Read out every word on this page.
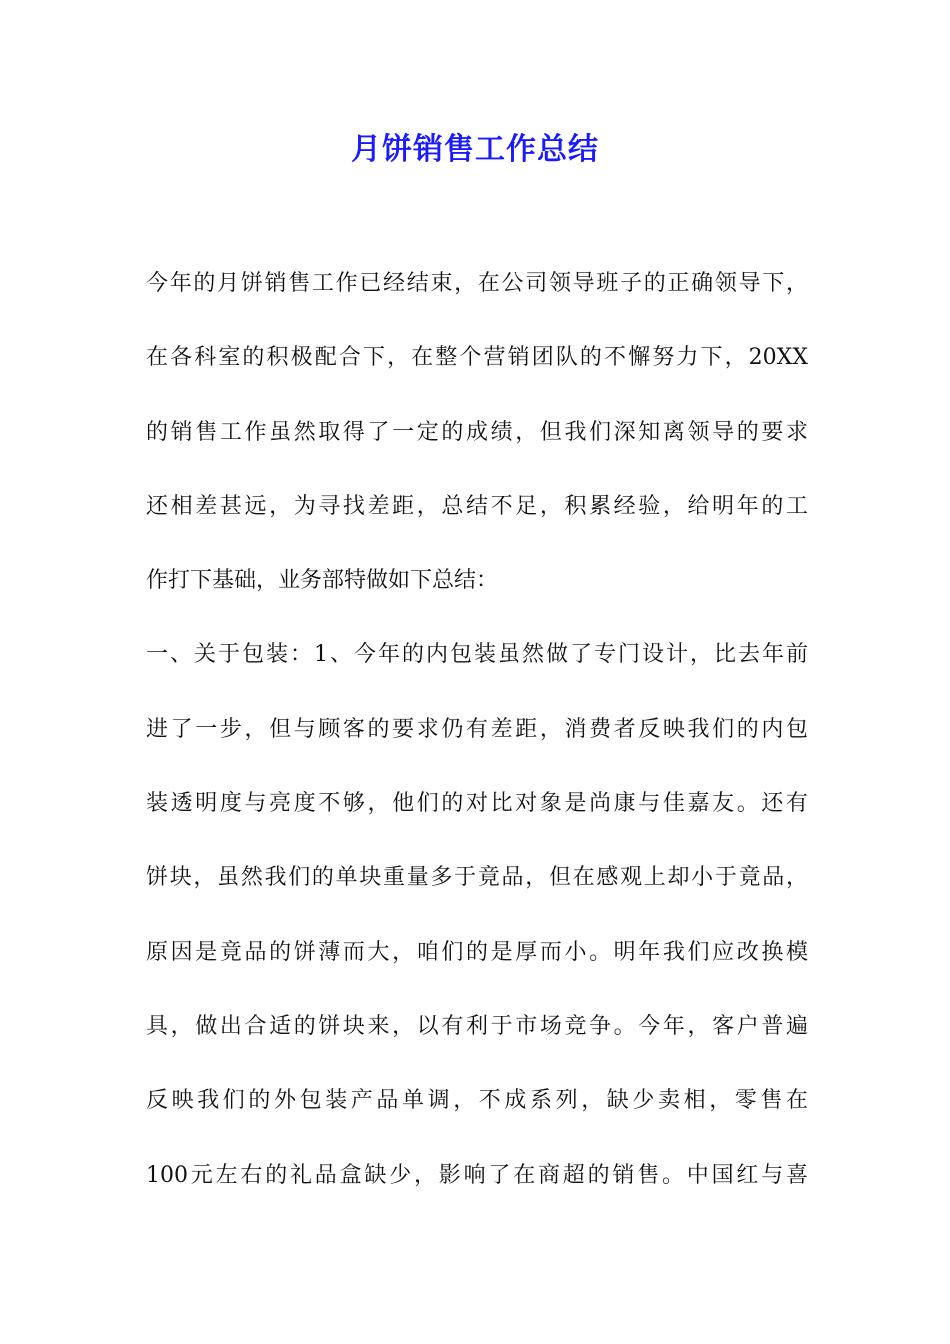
月饼销售工作总结
今年的月饼销售工作已经结束，在公司领导班子的正确领导下，
在各科室的积极配合下，在整个营销团队的不懈努力下，20XX
的销售工作虽然取得了一定的成绩，但我们深知离领导的要求
还相差甚远，为寻找差距，总结不足，积累经验，给明年的工
作打下基础，业务部特做如下总结：
一、关于包装：1、今年的内包装虽然做了专门设计，比去年前
进了一步，但与顾客的要求仍有差距，消费者反映我们的内包
装透明度与亮度不够，他们的对比对象是尚康与佳嘉友。还有
饼块，虽然我们的单块重量多于竟品，但在感观上却小于竟品，
原因是竟品的饼薄而大，咱们的是厚而小。明年我们应改换模
具，做出合适的饼块来，以有利于市场竞争。今年，客户普遍
反映我们的外包装产品单调，不成系列，缺少卖相，零售在
100元左右的礼品盒缺少，影响了在商超的销售。中国红与喜
